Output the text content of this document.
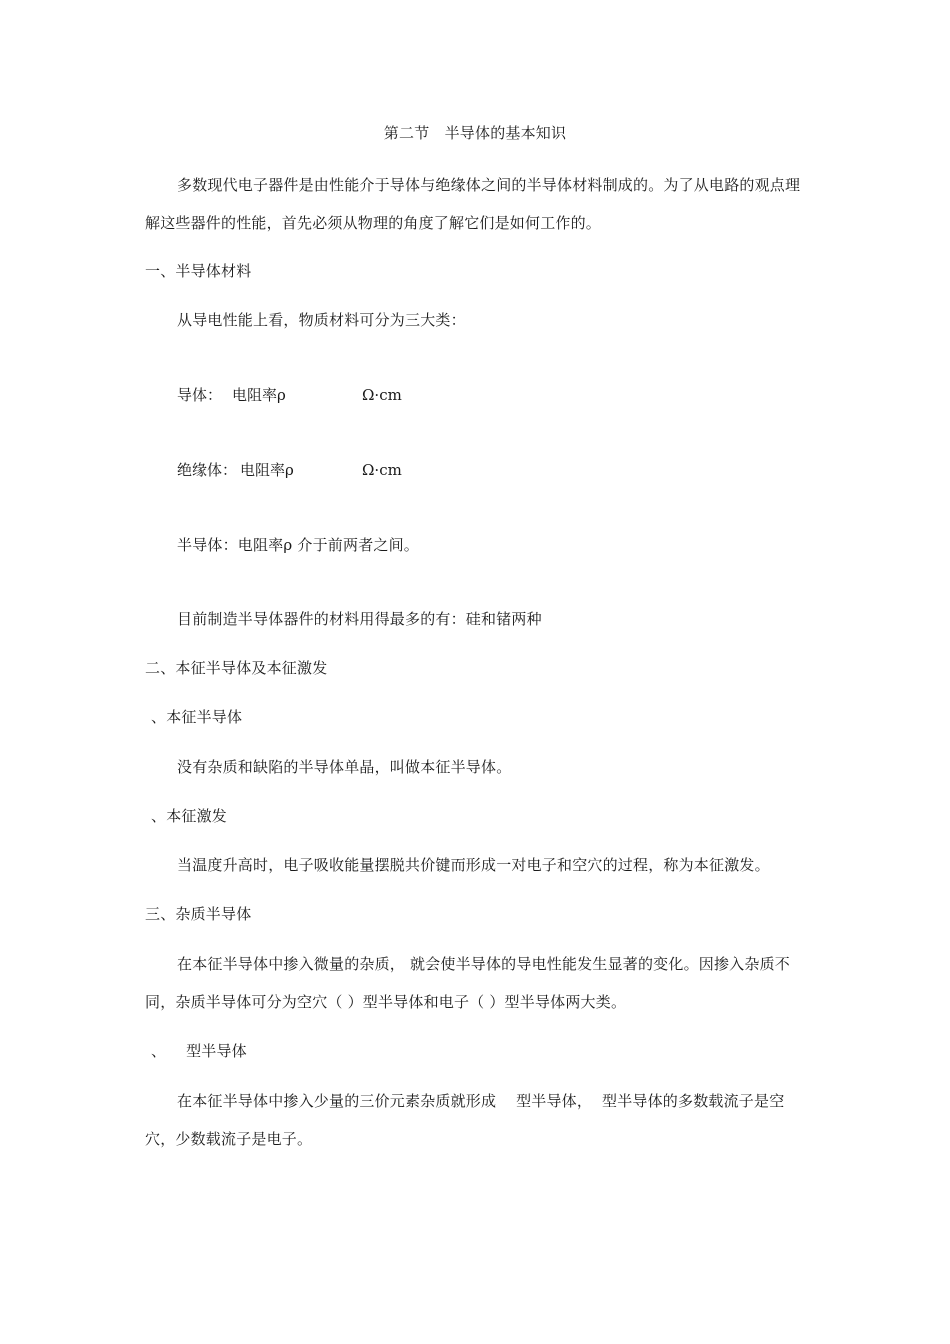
第二节　半导体的基本知识
多数现代电子器件是由性能介于导体与绝缘体之间的半导体材料制成的。为了从电路的观点理解这些器件的性能，首先必须从物理的角度了解它们是如何工作的。
一、半导体材料
从导电性能上看，物质材料可分为三大类：
导体： 电阻率ρ	Ω·cm
绝缘体： 电阻率ρ	Ω·cm
半导体：电阻率ρ 介于前两者之间。
目前制造半导体器件的材料用得最多的有：硅和锗两种
二、本征半导体及本征激发
、本征半导体
没有杂质和缺陷的半导体单晶，叫做本征半导体。
、本征激发
当温度升高时，电子吸收能量摆脱共价键而形成一对电子和空穴的过程，称为本征激发。
三、杂质半导体
在本征半导体中掺入微量的杂质， 就会使半导体的导电性能发生显著的变化。因掺入杂质不同，杂质半导体可分为空穴（ ）型半导体和电子（ ）型半导体两大类。
、    型半导体
在本征半导体中掺入少量的三价元素杂质就形成    型半导体，  型半导体的多数载流子是空穴，少数载流子是电子。
